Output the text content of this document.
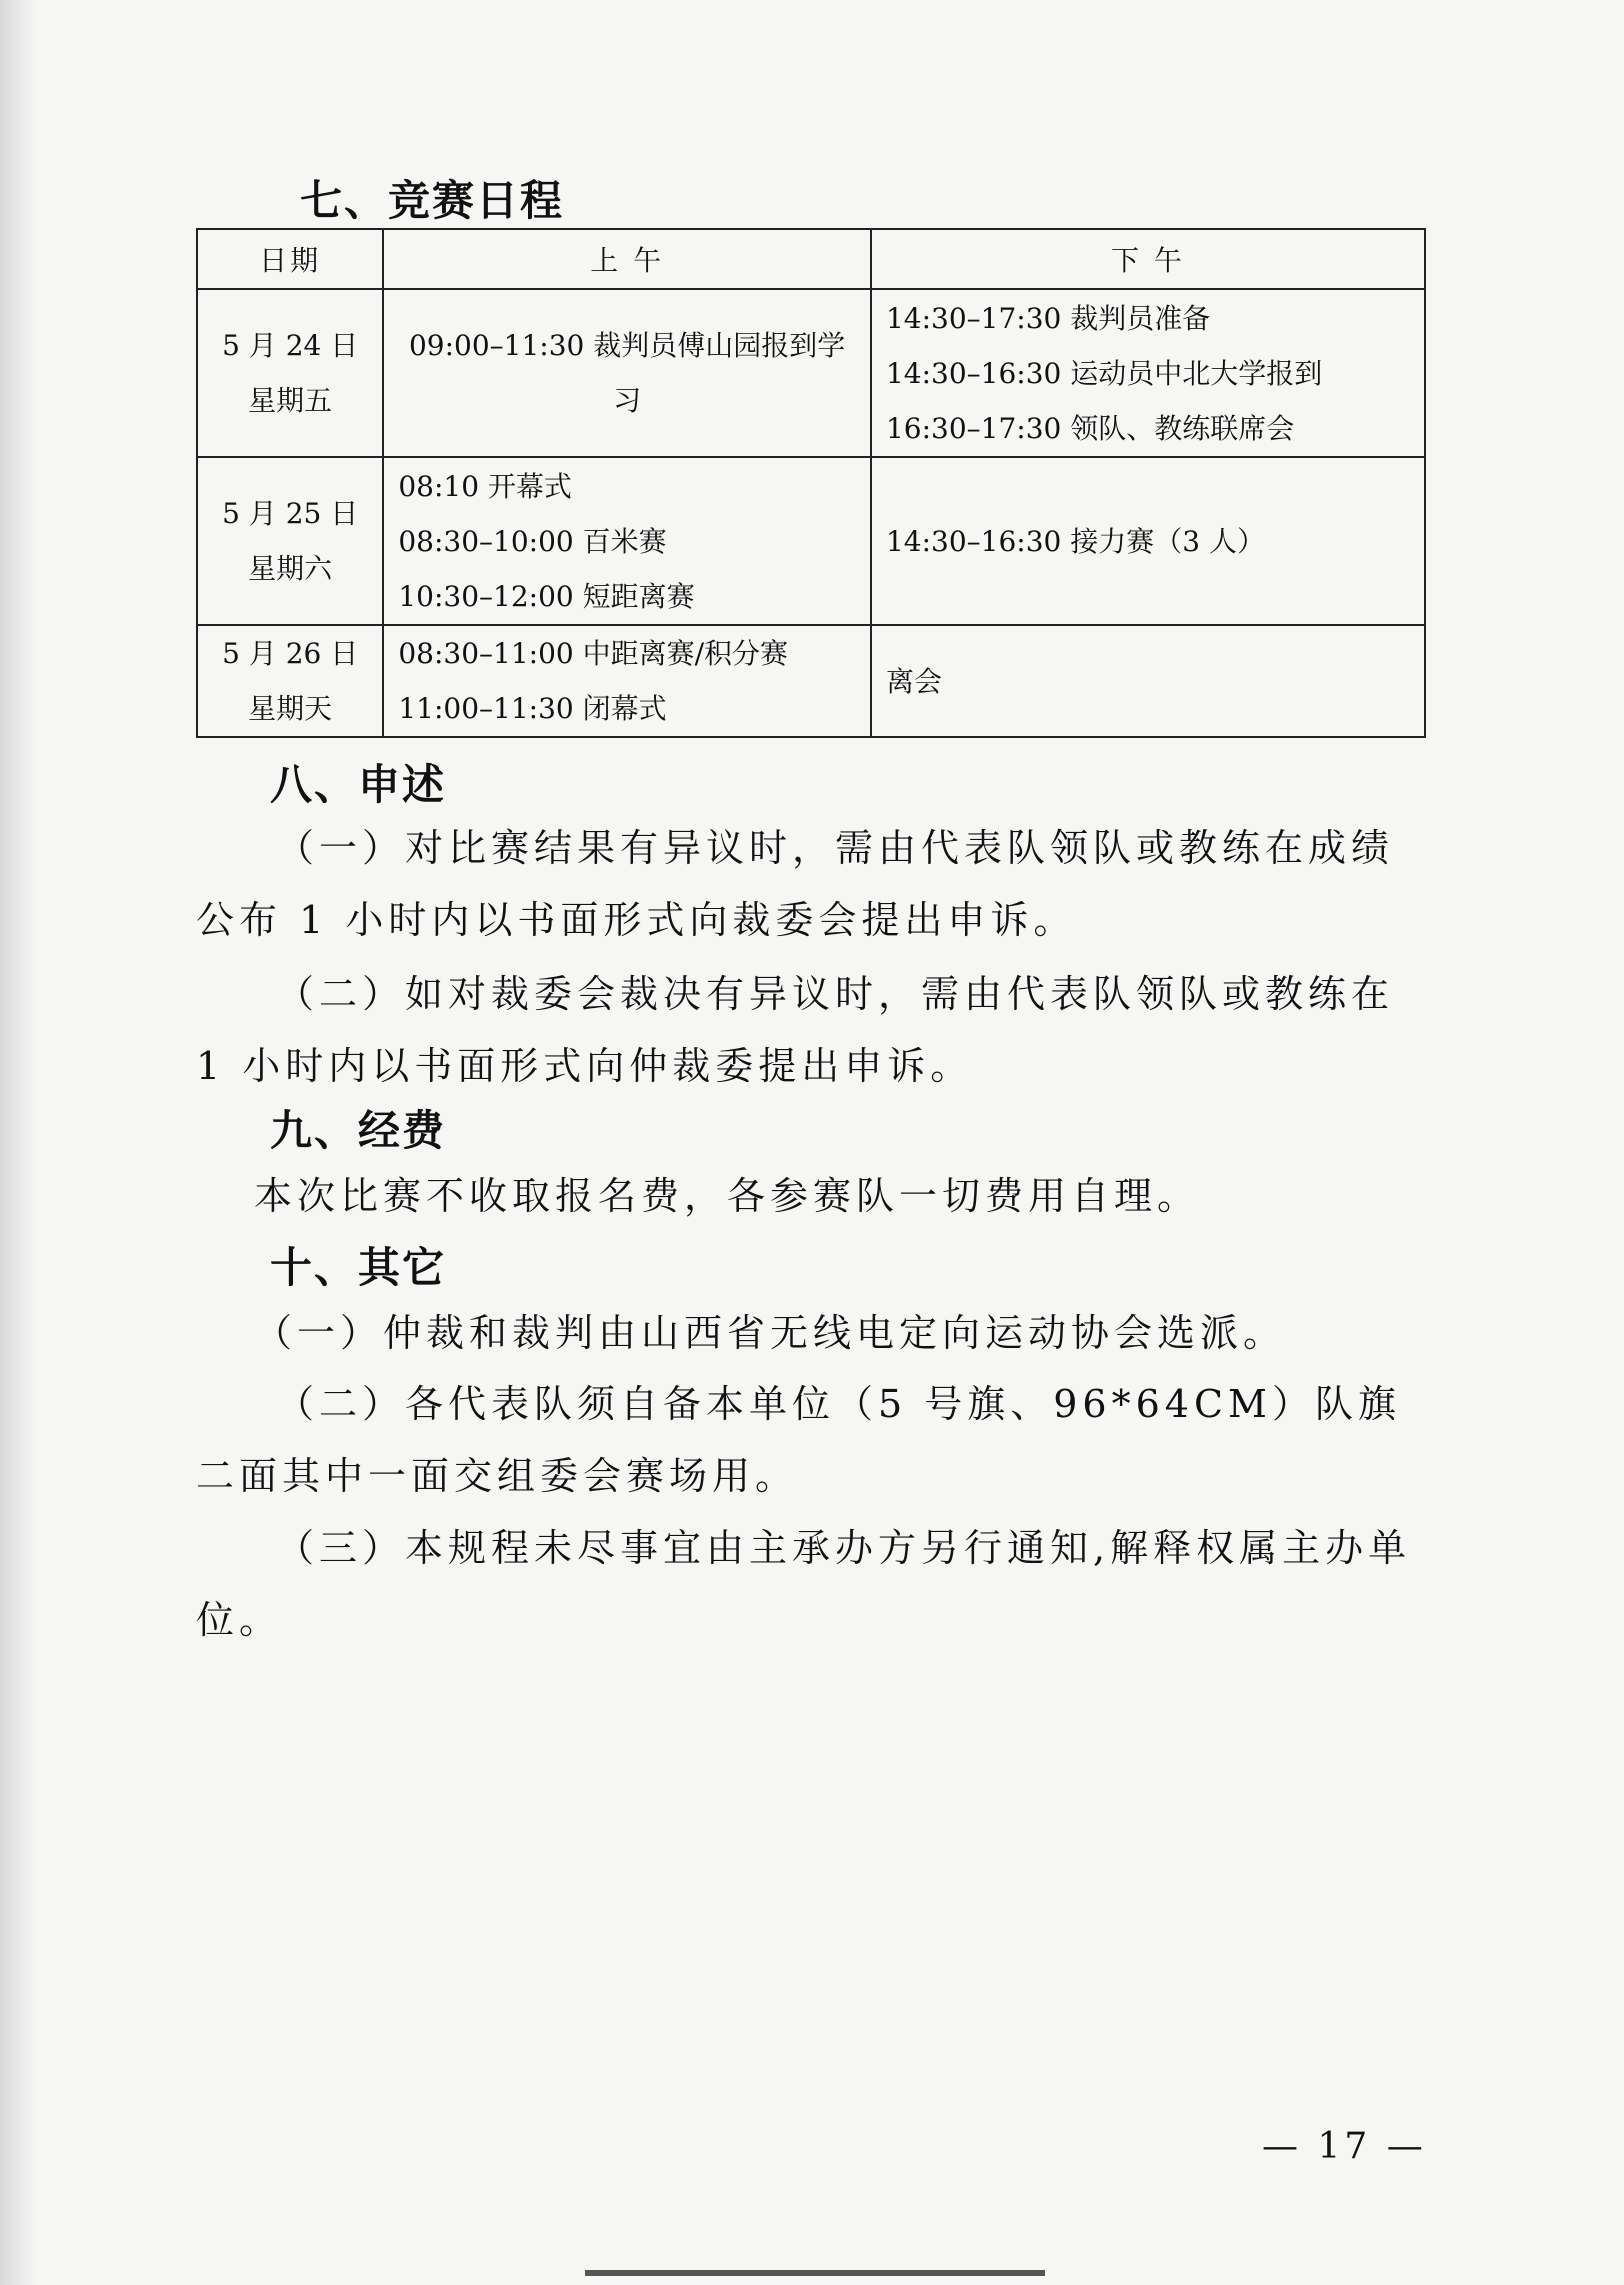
七、竞赛日程
日期	上 午	下 午

5 月 24 日
星期五	09:00–11:30 裁判员傅山园报到学习	14:30–17:30 裁判员准备
14:30–16:30 运动员中北大学报到
16:30–17:30 领队、教练联席会

5 月 25 日
星期六	08:10 开幕式
08:30–10:00 百米赛
10:30–12:00 短距离赛	14:30–16:30 接力赛（3 人）

5 月 26 日
星期天	08:30–11:00 中距离赛/积分赛
11:00–11:30 闭幕式	离会
八、申述
（一）对比赛结果有异议时，需由代表队领队或教练在成绩公布 1 小时内以书面形式向裁委会提出申诉。
（二）如对裁委会裁决有异议时，需由代表队领队或教练在 1 小时内以书面形式向仲裁委提出申诉。
九、经费
本次比赛不收取报名费，各参赛队一切费用自理。
十、其它
（一）仲裁和裁判由山西省无线电定向运动协会选派。
（二）各代表队须自备本单位（5 号旗、96*64CM）队旗二面其中一面交组委会赛场用。
（三）本规程未尽事宜由主承办方另行通知,解释权属主办单位。
— 17 —
